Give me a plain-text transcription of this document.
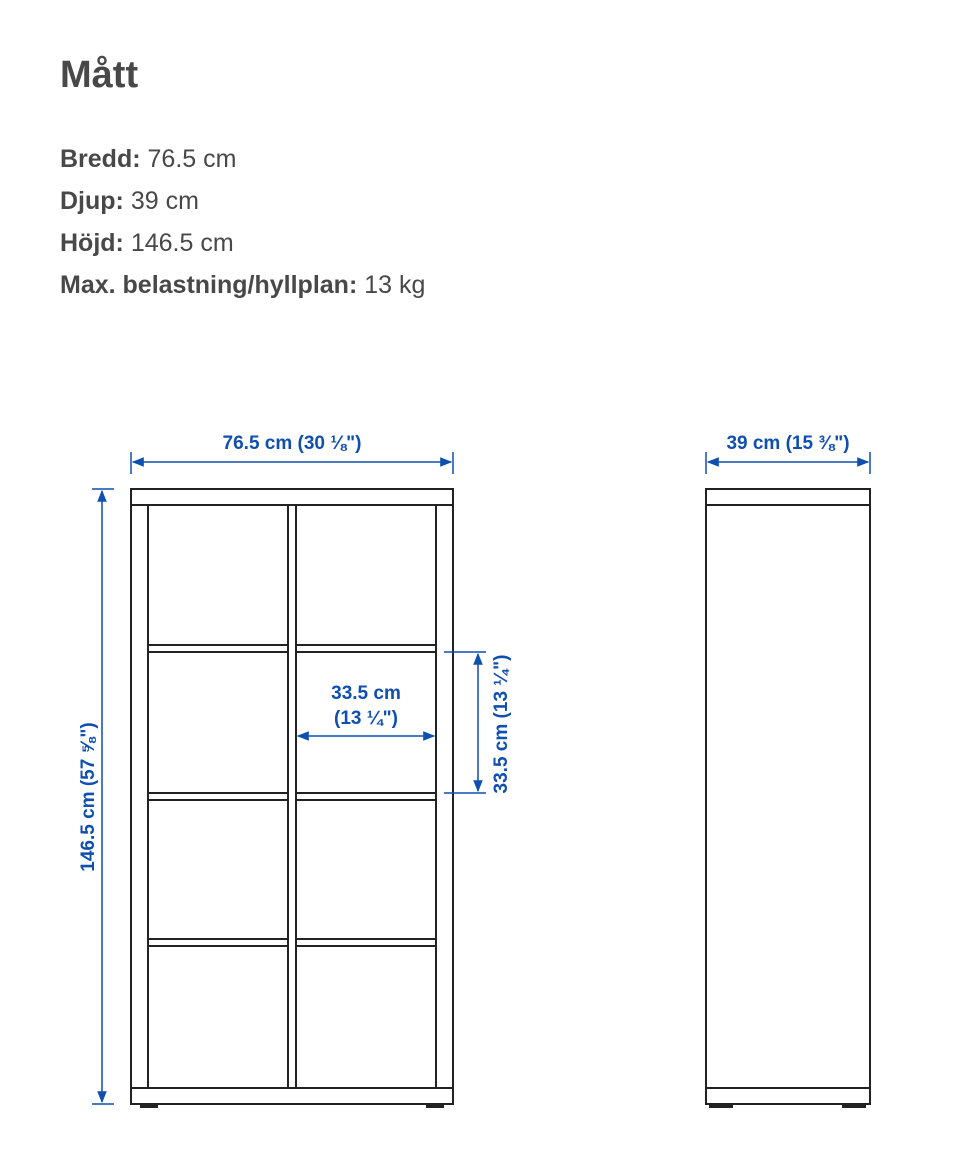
Mått
Bredd: 76.5 cm
Djup: 39 cm
Höjd: 146.5 cm
Max. belastning/hyllplan: 13 kg
76.5 cm (30 ⅛")	39 cm (15 ⅜")
146.5 cm (57 ⅝")
33.5 cm
(13 ¼")	33.5 cm (13 ¼")
